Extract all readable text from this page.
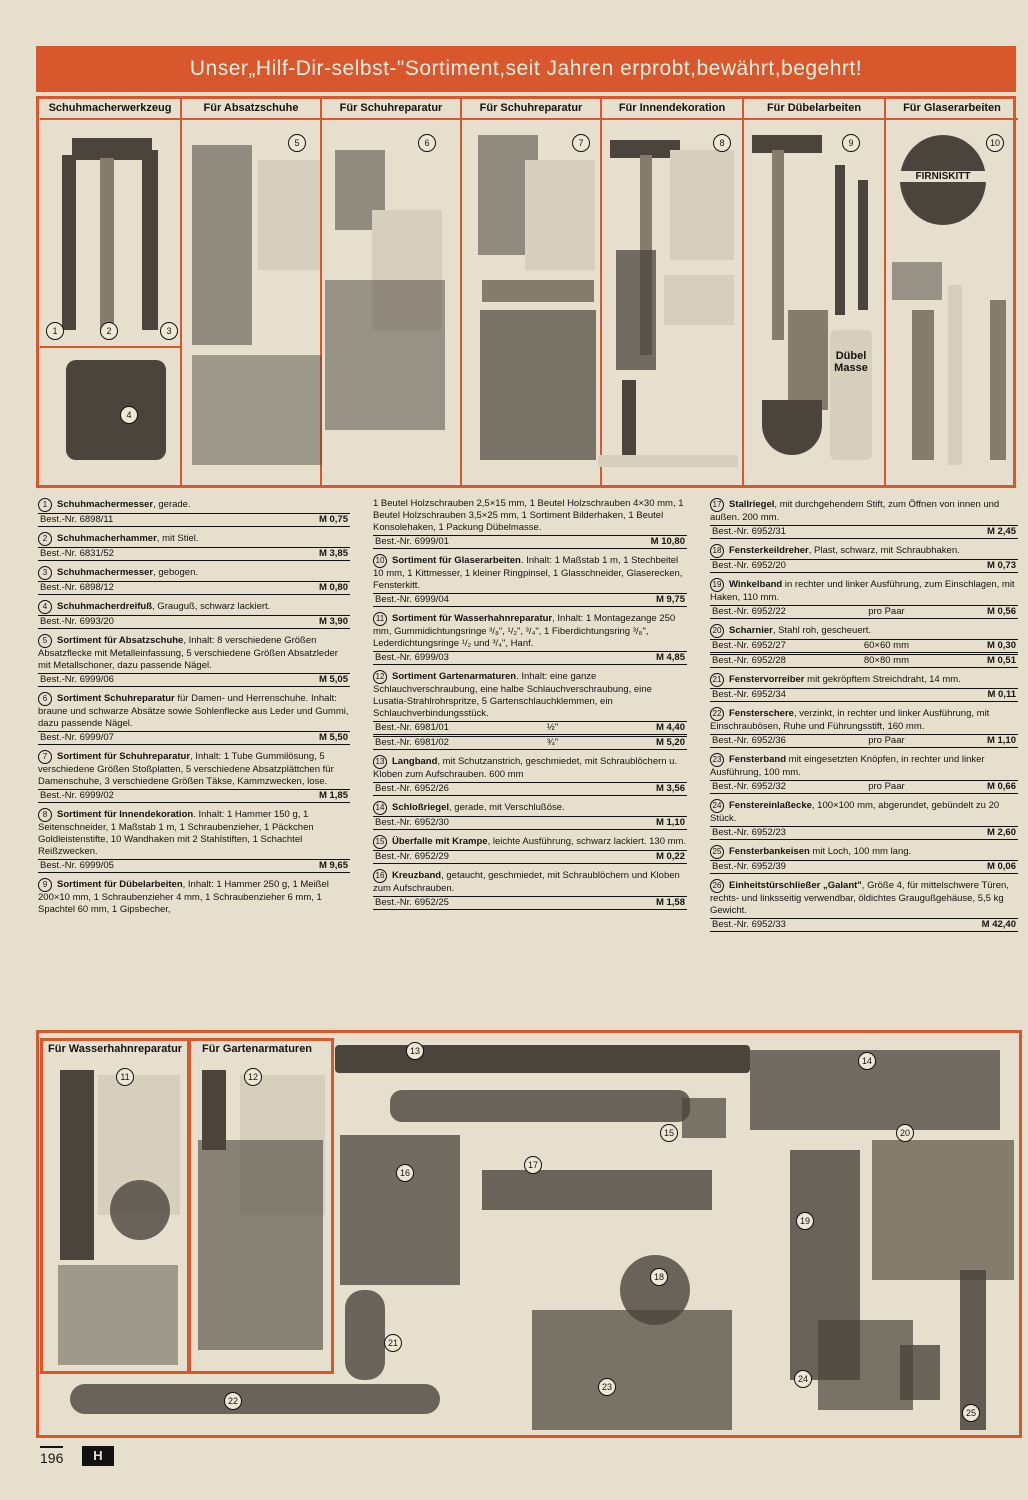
Unser„Hilf-Dir-selbst-"Sortiment,seit Jahren erprobt,bewährt,begehrt!
Schuhmacherwerkzeug	Für Absatzschuhe	Für Schuhreparatur	Für Schuhreparatur	Für Innendekoration	Für Dübelarbeiten	Für Glaserarbeiten
Dübel Masse
FIRNISKITT
1	2	3
4
5	6	7	8	9	10
1 Schuhmachermesser, gerade.
Best.-Nr. 6898/11	M 0,75
2 Schuhmacherhammer, mit Stiel.
Best.-Nr. 6831/52	M 3,85
3 Schuhmachermesser, gebogen.
Best.-Nr. 6898/12	M 0,80
4 Schuhmacherdreifuß, Grauguß, schwarz lackiert.
Best.-Nr. 6993/20	M 3,90
5 Sortiment für Absatzschuhe, Inhalt: 8 verschiedene Größen Absatzflecke mit Metalleinfassung, 5 verschiedene Größen Absatzleder mit Metallschoner, dazu passende Nägel.
Best.-Nr. 6999/06	M 5,05
6 Sortiment Schuhreparatur für Damen- und Herrenschuhe. Inhalt: braune und schwarze Absätze sowie Sohlenflecke aus Leder und Gummi, dazu passende Nägel.
Best.-Nr. 6999/07	M 5,50
7 Sortiment für Schuhreparatur, Inhalt: 1 Tube Gummilösung, 5 verschiedene Größen Stoßplatten, 5 verschiedene Absatzplättchen für Damenschuhe, 3 verschiedene Größen Täkse, Kammzwecken, lose.
Best.-Nr. 6999/02	M 1,85
8 Sortiment für Innendekoration. Inhalt: 1 Hammer 150 g, 1 Seitenschneider, 1 Maßstab 1 m, 1 Schraubenzieher, 1 Päckchen Goldleistenstifte, 10 Wandhaken mit 2 Stahlstiften, 1 Schachtel Reißzwecken.
Best.-Nr. 6999/05	M 9,65
9 Sortiment für Dübelarbeiten, Inhalt: 1 Hammer 250 g, 1 Meißel 200×10 mm, 1 Schraubenzieher 4 mm, 1 Schraubenzieher 6 mm, 1 Spachtel 60 mm, 1 Gipsbecher,
1 Beutel Holzschrauben 2,5×15 mm, 1 Beutel Holzschrauben 4×30 mm, 1 Beutel Holzschrauben 3,5×25 mm, 1 Sortiment Bilderhaken, 1 Beutel Konsolehaken, 1 Packung Dübelmasse.
Best.-Nr. 6999/01	M 10,80
10 Sortiment für Glaserarbeiten. Inhalt: 1 Maßstab 1 m, 1 Stechbeitel 10 mm, 1 Kittmesser, 1 kleiner Ringpinsel, 1 Glasschneider, Glaserecken, Fensterkitt.
Best.-Nr. 6999/04	M 9,75
11 Sortiment für Wasserhahnreparatur, Inhalt: 1 Montagezange 250 mm, Gummidichtungsringe ³/₈", ¹/₂", ³/₄", 1 Fiberdichtungsring ³/₈", Lederdichtungsringe ¹/₂ und ³/₄", Hanf.
Best.-Nr. 6999/03	M 4,85
12 Sortiment Gartenarmaturen. Inhalt: eine ganze Schlauchverschraubung, eine halbe Schlauchverschraubung, eine Lusatia-Strahlrohrspritze, 5 Gartenschlauchklemmen, ein Schlauchverbindungsstück.
Best.-Nr. 6981/01	½"	M 4,40
Best.-Nr. 6981/02	¾"	M 5,20
13 Langband, mit Schutzanstrich, geschmiedet, mit Schraublöchern u. Kloben zum Aufschrauben. 600 mm
Best.-Nr. 6952/26	M 3,56
14 Schloßriegel, gerade, mit Verschlußöse.
Best.-Nr. 6952/30	M 1,10
15 Überfalle mit Krampe, leichte Ausführung, schwarz lackiert. 130 mm.
Best.-Nr. 6952/29	M 0,22
16 Kreuzband, getaucht, geschmiedet, mit Schraublöchern und Kloben zum Aufschrauben.
Best.-Nr. 6952/25	M 1,58
17 Stallriegel, mit durchgehendem Stift, zum Öffnen von innen und außen. 200 mm.
Best.-Nr. 6952/31	M 2,45
18 Fensterkeildreher, Plast, schwarz, mit Schraubhaken.
Best.-Nr. 6952/20	M 0,73
19 Winkelband in rechter und linker Ausführung, zum Einschlagen, mit Haken, 110 mm.
Best.-Nr. 6952/22	pro Paar	M 0,56
20 Scharnier, Stahl roh, gescheuert.
Best.-Nr. 6952/27	60×60 mm	M 0,30
Best.-Nr. 6952/28	80×80 mm	M 0,51
21 Fenstervorreiber mit gekröpftem Streichdraht, 14 mm.
Best.-Nr. 6952/34	M 0,11
22 Fensterschere, verzinkt, in rechter und linker Ausführung, mit Einschraubösen, Ruhe und Führungsstift, 160 mm.
Best.-Nr. 6952/36	pro Paar	M 1,10
23 Fensterband mit eingesetzten Knöpfen, in rechter und linker Ausführung, 100 mm.
Best.-Nr. 6952/32	pro Paar	M 0,66
24 Fenstereinlaßecke, 100×100 mm, abgerundet, gebündelt zu 20 Stück.
Best.-Nr. 6952/23	M 2,60
25 Fensterbankeisen mit Loch, 100 mm lang.
Best.-Nr. 6952/39	M 0,06
26 Einheitstürschließer „Galant", Größe 4, für mittelschwere Türen, rechts- und linksseitig verwendbar, öldichtes Graugußgehäuse, 5,5 kg Gewicht.
Best.-Nr. 6952/33	M 42,40
Für Wasserhahnreparatur Für Gartenarmaturen
11	12
13
14
15
16
17
18
19
20
21
22
23
24
25
196	H
